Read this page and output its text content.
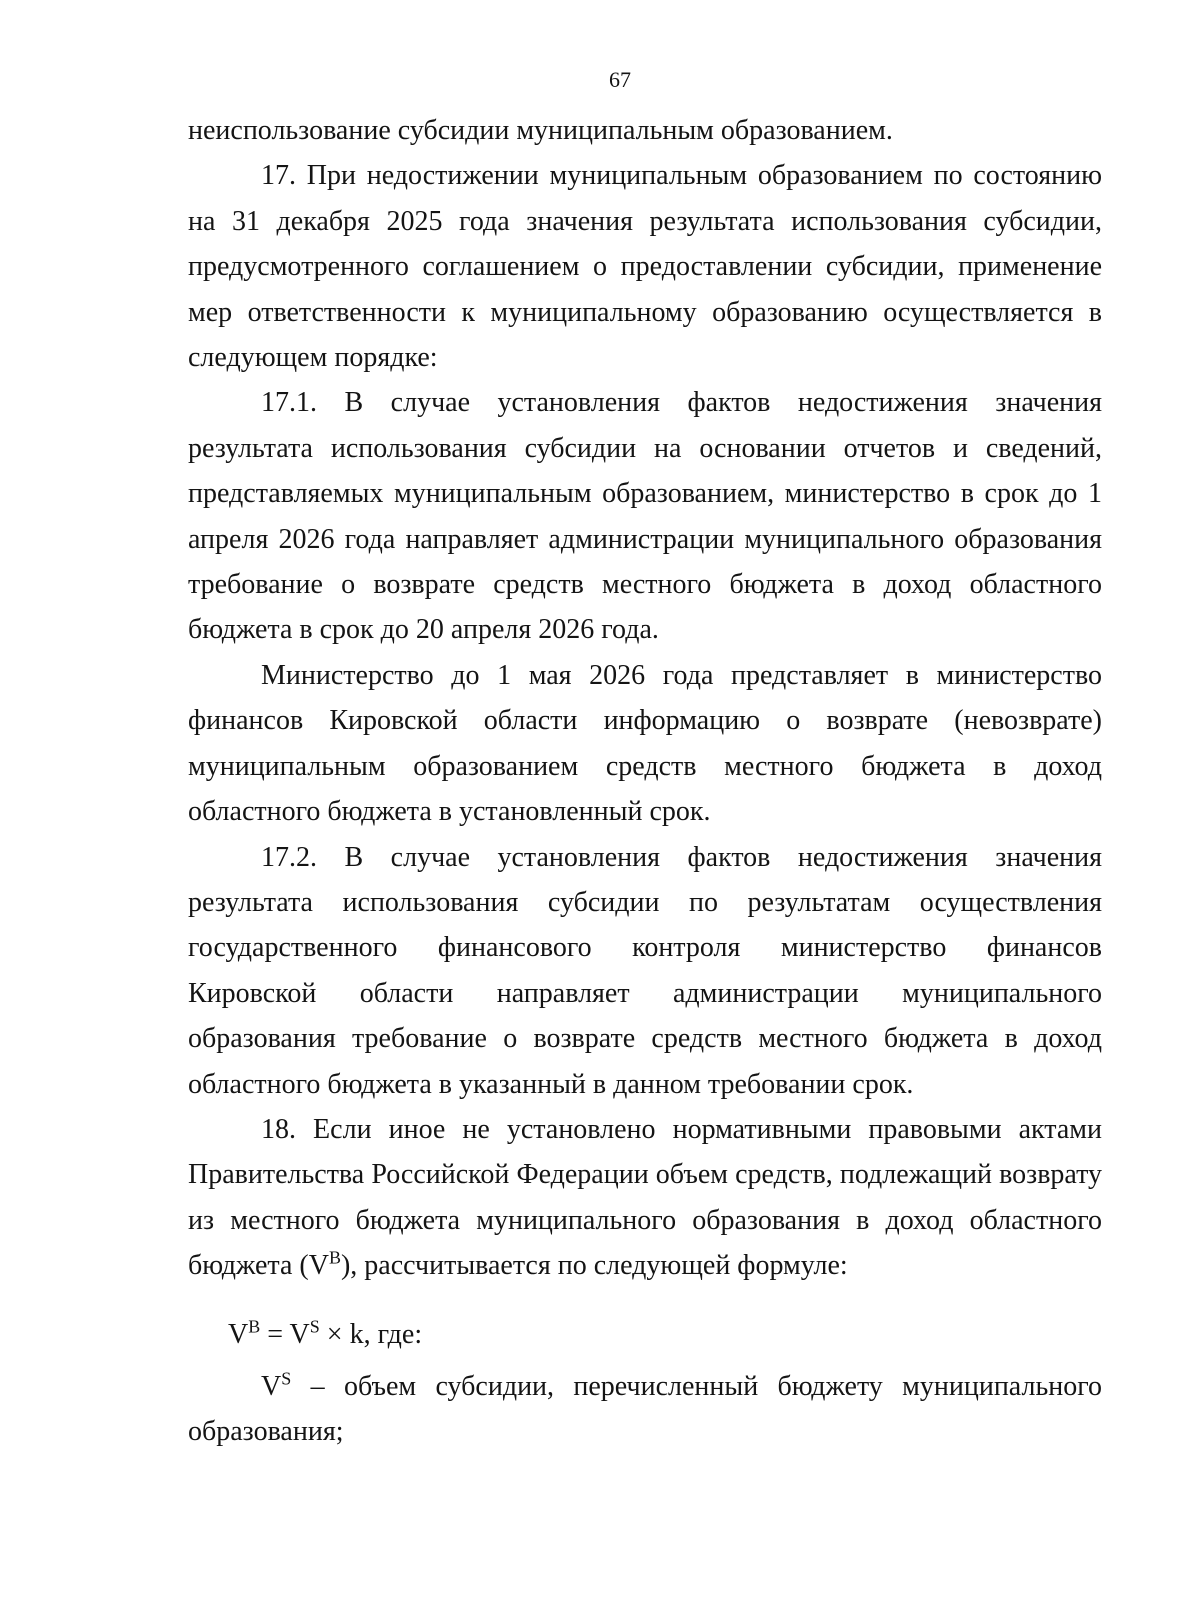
67

неиспользование субсидии муниципальным образованием.

17. При недостижении муниципальным образованием по состоянию на 31 декабря 2025 года значения результата использования субсидии, предусмотренного соглашением о предоставлении субсидии, применение мер ответственности к муниципальному образованию осуществляется в следующем порядке:

17.1. В случае установления фактов недостижения значения результата использования субсидии на основании отчетов и сведений, представляемых муниципальным образованием, министерство в срок до 1 апреля 2026 года направляет администрации муниципального образования требование о возврате средств местного бюджета в доход областного бюджета в срок до 20 апреля 2026 года.

Министерство до 1 мая 2026 года представляет в министерство финансов Кировской области информацию о возврате (невозврате) муниципальным образованием средств местного бюджета в доход областного бюджета в установленный срок.

17.2. В случае установления фактов недостижения значения результата использования субсидии по результатам осуществления государственного финансового контроля министерство финансов Кировской области направляет администрации муниципального образования требование о возврате средств местного бюджета в доход областного бюджета в указанный в данном требовании срок.

18. Если иное не установлено нормативными правовыми актами Правительства Российской Федерации объем средств, подлежащий возврату из местного бюджета муниципального образования в доход областного бюджета $(V^B)$, рассчитывается по следующей формуле:

$V^B = V^S \times k$, где:

$V^S$ – объем субсидии, перечисленный бюджету муниципального образования;
